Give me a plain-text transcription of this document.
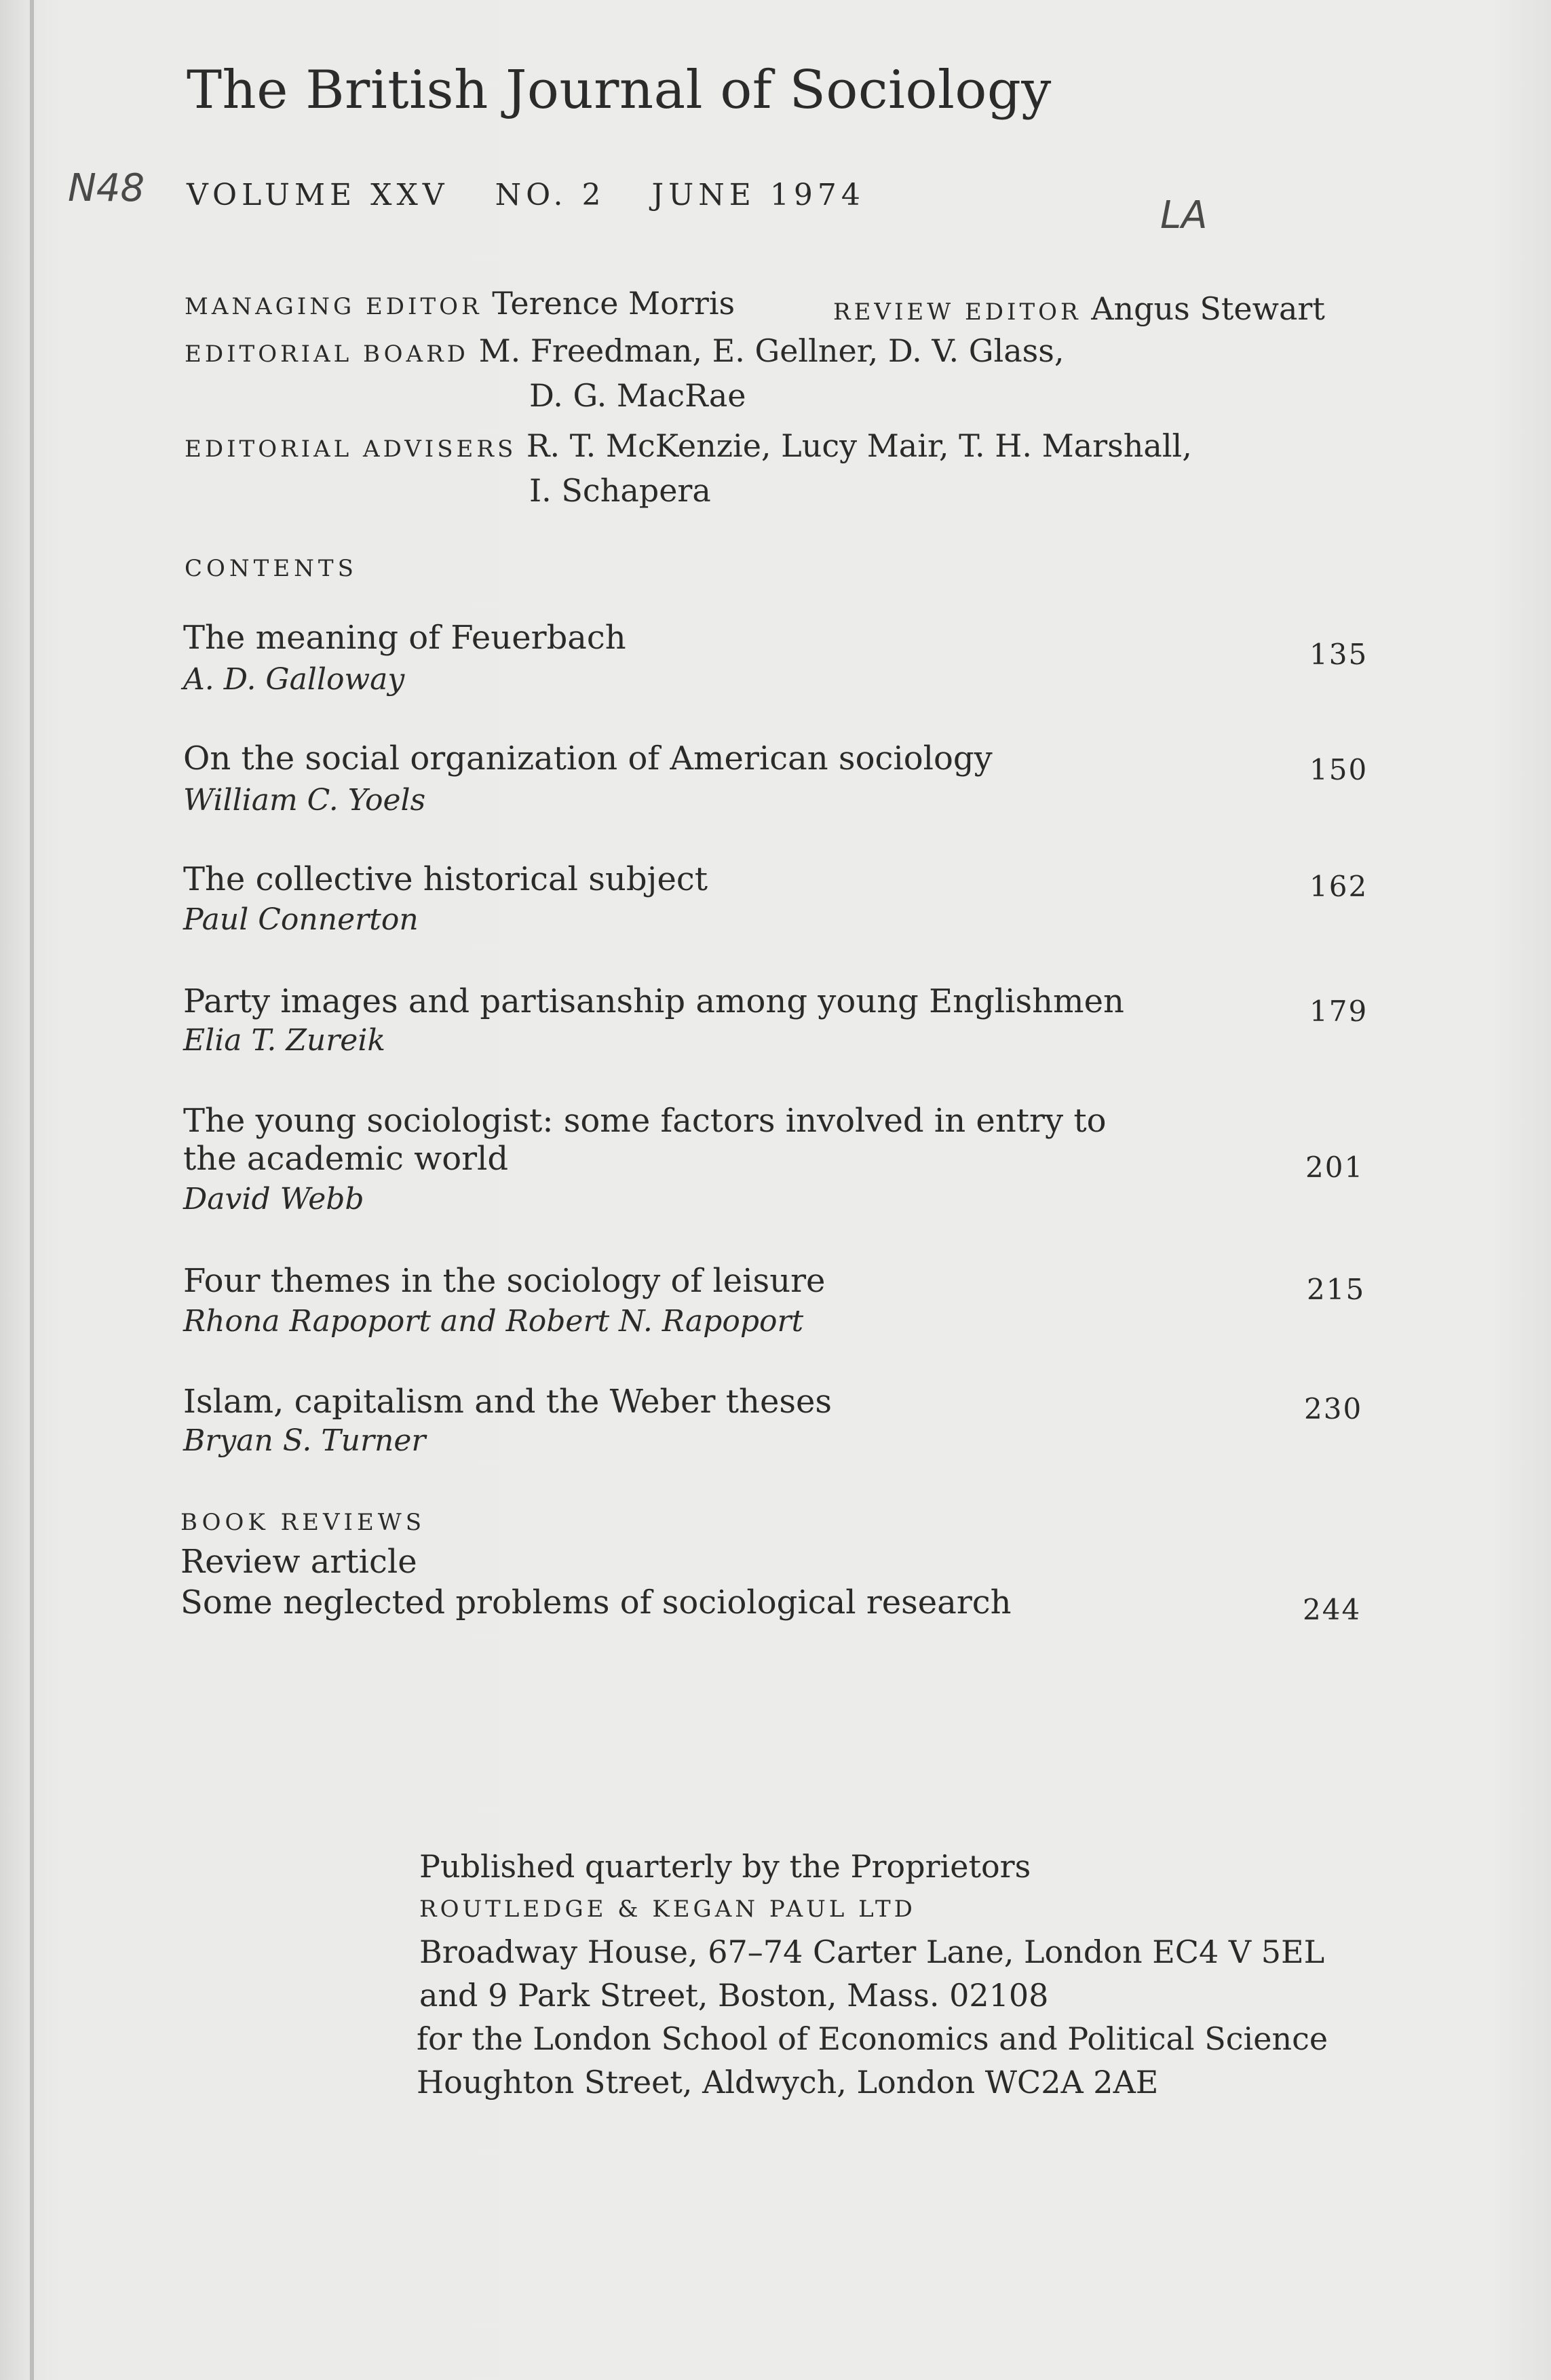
The British Journal of Sociology
N48
LA
VOLUME XXV NO. 2 JUNE 1974
MANAGING EDITOR Terence Morris	REVIEW EDITOR Angus Stewart
EDITORIAL BOARD M. Freedman, E. Gellner, D. V. Glass,
D. G. MacRae
EDITORIAL ADVISERS R. T. McKenzie, Lucy Mair, T. H. Marshall,
I. Schapera
CONTENTS
The meaning of Feuerbach
A. D. Galloway
135
On the social organization of American sociology
William C. Yoels
150
The collective historical subject
Paul Connerton
162
Party images and partisanship among young Englishmen
Elia T. Zureik
179
The young sociologist: some factors involved in entry to
the academic world
David Webb
201
Four themes in the sociology of leisure
Rhona Rapoport and Robert N. Rapoport
215
Islam, capitalism and the Weber theses
Bryan S. Turner
230
BOOK REVIEWS
Review article
Some neglected problems of sociological research	244
Published quarterly by the Proprietors
ROUTLEDGE & KEGAN PAUL LTD
Broadway House, 67–74 Carter Lane, London EC4 V 5EL
and 9 Park Street, Boston, Mass. 02108
for the London School of Economics and Political Science
Houghton Street, Aldwych, London WC2A 2AE
